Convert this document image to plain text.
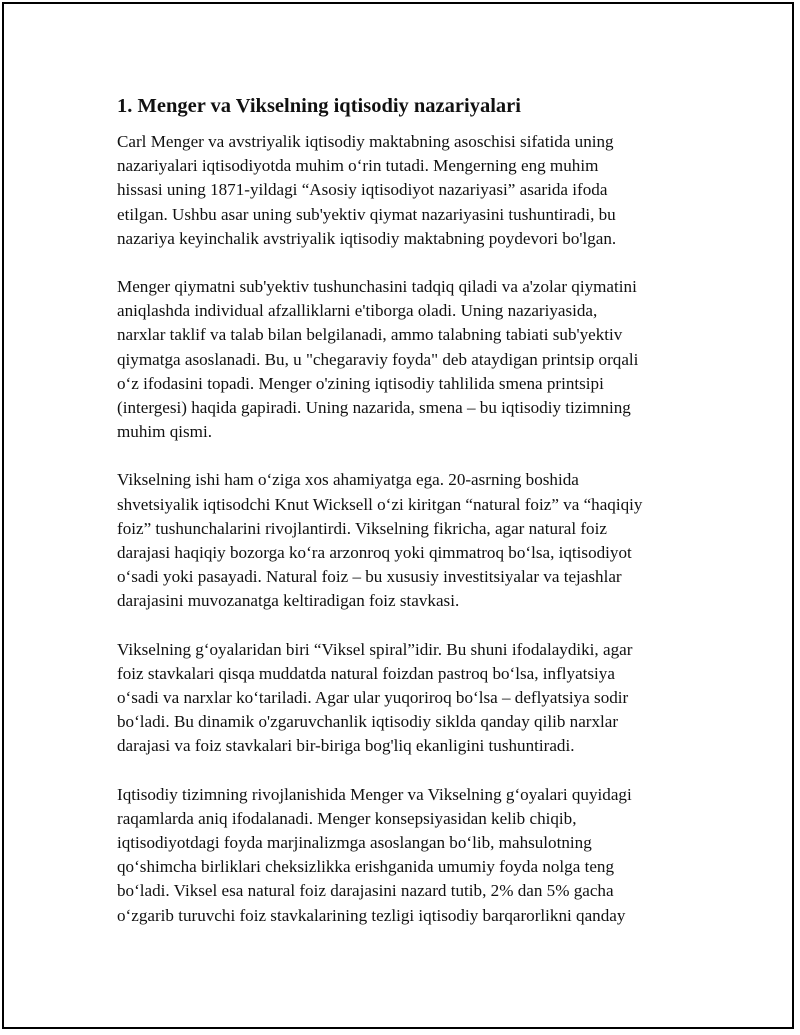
1. Menger va Vikselning iqtisodiy nazariyalari
Carl Menger va avstriyalik iqtisodiy maktabning asoschisi sifatida uning
nazariyalari iqtisodiyotda muhim o‘rin tutadi. Mengerning eng muhim
hissasi uning 1871-yildagi “Asosiy iqtisodiyot nazariyasi” asarida ifoda
etilgan. Ushbu asar uning sub'yektiv qiymat nazariyasini tushuntiradi, bu
nazariya keyinchalik avstriyalik iqtisodiy maktabning poydevori bo'lgan.
Menger qiymatni sub'yektiv tushunchasini tadqiq qiladi va a'zolar qiymatini
aniqlashda individual afzalliklarni e'tiborga oladi. Uning nazariyasida,
narxlar taklif va talab bilan belgilanadi, ammo talabning tabiati sub'yektiv
qiymatga asoslanadi. Bu, u "chegaraviy foyda" deb ataydigan printsip orqali
o‘z ifodasini topadi. Menger o'zining iqtisodiy tahlilida smena printsipi
(intergesi) haqida gapiradi. Uning nazarida, smena – bu iqtisodiy tizimning
muhim qismi.
Vikselning ishi ham o‘ziga xos ahamiyatga ega. 20-asrning boshida
shvetsiyalik iqtisodchi Knut Wicksell o‘zi kiritgan “natural foiz” va “haqiqiy
foiz” tushunchalarini rivojlantirdi. Vikselning fikricha, agar natural foiz
darajasi haqiqiy bozorga ko‘ra arzonroq yoki qimmatroq bo‘lsa, iqtisodiyot
o‘sadi yoki pasayadi. Natural foiz – bu xususiy investitsiyalar va tejashlar
darajasini muvozanatga keltiradigan foiz stavkasi.
Vikselning g‘oyalaridan biri “Viksel spiral”idir. Bu shuni ifodalaydiki, agar
foiz stavkalari qisqa muddatda natural foizdan pastroq bo‘lsa, inflyatsiya
o‘sadi va narxlar ko‘tariladi. Agar ular yuqoriroq bo‘lsa – deflyatsiya sodir
bo‘ladi. Bu dinamik o'zgaruvchanlik iqtisodiy siklda qanday qilib narxlar
darajasi va foiz stavkalari bir-biriga bog'liq ekanligini tushuntiradi.
Iqtisodiy tizimning rivojlanishida Menger va Vikselning g‘oyalari quyidagi
raqamlarda aniq ifodalanadi. Menger konsepsiyasidan kelib chiqib,
iqtisodiyotdagi foyda marjinalizmga asoslangan bo‘lib, mahsulotning
qo‘shimcha birliklari cheksizlikka erishganida umumiy foyda nolga teng
bo‘ladi. Viksel esa natural foiz darajasini nazard tutib, 2% dan 5% gacha
o‘zgarib turuvchi foiz stavkalarining tezligi iqtisodiy barqarorlikni qanday
